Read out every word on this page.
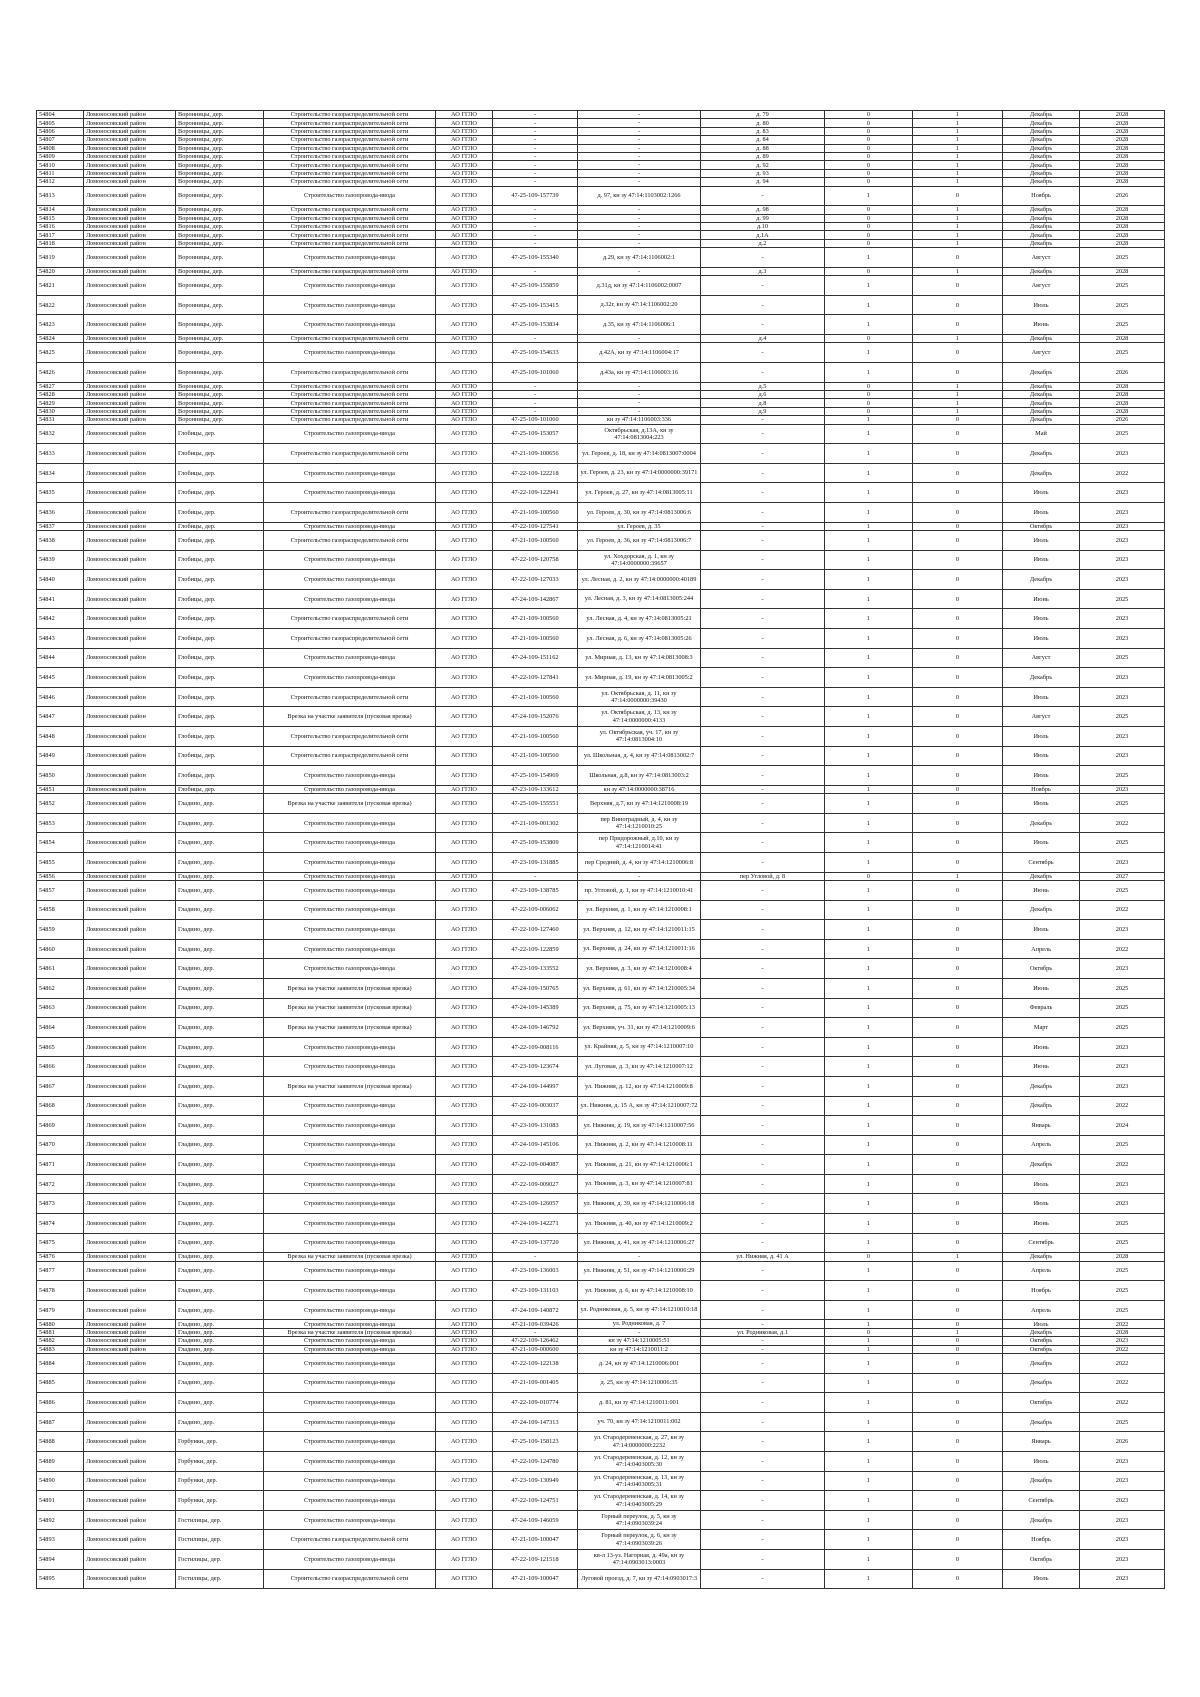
54804	Ломоносовский район	Воронницы, дер.	Строительство газораспределительной сети	АО ГГЛО	-	-	д. 79	0	1	Декабрь	2028
54805	Ломоносовский район	Воронницы, дер.	Строительство газораспределительной сети	АО ГГЛО	-	-	д. 80	0	1	Декабрь	2028
54806	Ломоносовский район	Воронницы, дер.	Строительство газораспределительной сети	АО ГГЛО	-	-	д. 83	0	1	Декабрь	2028
54807	Ломоносовский район	Воронницы, дер.	Строительство газораспределительной сети	АО ГГЛО	-	-	д. 84	0	1	Декабрь	2028
54808	Ломоносовский район	Воронницы, дер.	Строительство газораспределительной сети	АО ГГЛО	-	-	д. 88	0	1	Декабрь	2028
54809	Ломоносовский район	Воронницы, дер.	Строительство газораспределительной сети	АО ГГЛО	-	-	д. 89	0	1	Декабрь	2028
54810	Ломоносовский район	Воронницы, дер.	Строительство газораспределительной сети	АО ГГЛО	-	-	д. 92	0	1	Декабрь	2028
54811	Ломоносовский район	Воронницы, дер.	Строительство газораспределительной сети	АО ГГЛО	-	-	д. 93	0	1	Декабрь	2028
54812	Ломоносовский район	Воронницы, дер.	Строительство газораспределительной сети	АО ГГЛО	-	-	д. 94	0	1	Декабрь	2028
54813	Ломоносовский район	Воронницы, дер.	Строительство газопровода-ввода	АО ГГЛО	47-25-109-157739	д. 97, кн зу 47:14:1103002:1266	-	1	0	Ноябрь	2026
54814	Ломоносовский район	Воронницы, дер.	Строительство газораспределительной сети	АО ГГЛО	-	-	д. 98	0	1	Декабрь	2028
54815	Ломоносовский район	Воронницы, дер.	Строительство газораспределительной сети	АО ГГЛО	-	-	д. 99	0	1	Декабрь	2028
54816	Ломоносовский район	Воронницы, дер.	Строительство газораспределительной сети	АО ГГЛО	-	-	д.10	0	1	Декабрь	2028
54817	Ломоносовский район	Воронницы, дер.	Строительство газораспределительной сети	АО ГГЛО	-	-	д.1А	0	1	Декабрь	2028
54818	Ломоносовский район	Воронницы, дер.	Строительство газораспределительной сети	АО ГГЛО	-	-	д.2	0	1	Декабрь	2028
54819	Ломоносовский район	Воронницы, дер.	Строительство газопровода-ввода	АО ГГЛО	47-25-109-155340	д.29, кн зу 47:14:1106002:1	-	1	0	Август	2025
54820	Ломоносовский район	Воронницы, дер.	Строительство газораспределительной сети	АО ГГЛО	-	-	д.3	0	1	Декабрь	2028
54821	Ломоносовский район	Воронницы, дер.	Строительство газопровода-ввода	АО ГГЛО	47-25-109-155859	д.31д, кн зу 47:14:1106002:0007	-	1	0	Август	2025
54822	Ломоносовский район	Воронницы, дер.	Строительство газопровода-ввода	АО ГГЛО	47-25-109-153415	д.32г, кн зу 47:14:1106002:20	-	1	0	Июль	2025
54823	Ломоносовский район	Воронницы, дер.	Строительство газопровода-ввода	АО ГГЛО	47-25-109-153834	д.35, кн зу 47:14:1106006:1	-	1	0	Июнь	2025
54824	Ломоносовский район	Воронницы, дер.	Строительство газораспределительной сети	АО ГГЛО	-	-	д.4	0	1	Декабрь	2028
54825	Ломоносовский район	Воронницы, дер.	Строительство газопровода-ввода	АО ГГЛО	47-25-109-154633	д.42А, кн зу 47:14:1106004:17	-	1	0	Август	2025
54826	Ломоносовский район	Воронницы, дер.	Строительство газораспределительной сети	АО ГГЛО	47-25-109-101060	д.43а, кн зу 47:14:1106003:16	-	1	0	Декабрь	2026
54827	Ломоносовский район	Воронницы, дер.	Строительство газораспределительной сети	АО ГГЛО	-	-	д.5	0	1	Декабрь	2028
54828	Ломоносовский район	Воронницы, дер.	Строительство газораспределительной сети	АО ГГЛО	-	-	д.6	0	1	Декабрь	2028
54829	Ломоносовский район	Воронницы, дер.	Строительство газораспределительной сети	АО ГГЛО	-	-	д.8	0	1	Декабрь	2028
54830	Ломоносовский район	Воронницы, дер.	Строительство газораспределительной сети	АО ГГЛО	-	-	д.9	0	1	Декабрь	2028
54831	Ломоносовский район	Воронницы, дер.	Строительство газораспределительной сети	АО ГГЛО	47-25-109-101060	кн зу 47:14:1106003:336	-	1	0	Декабрь	2026
54832	Ломоносовский район	Глобицы, дер.	Строительство газопровода-ввода	АО ГГЛО	47-25-109-153057	Октябрьская, д.13А, кн зу 47:14:0813004:223	-	1	0	Май	2025
54833	Ломоносовский район	Глобицы, дер.	Строительство газораспределительной сети	АО ГГЛО	47-21-109-100656	ул. Героев, д. 18, кн зу 47:14:0813007:0004	-	1	0	Декабрь	2023
54834	Ломоносовский район	Глобицы, дер.	Строительство газопровода-ввода	АО ГГЛО	47-22-109-122218	ул. Героев, д. 23, кн зу 47:14:0000000:39171	-	1	0	Декабрь	2022
54835	Ломоносовский район	Глобицы, дер.	Строительство газопровода-ввода	АО ГГЛО	47-22-109-122941	ул. Героев, д. 27, кн зу 47:14:0813005:11	-	1	0	Июль	2023
54836	Ломоносовский район	Глобицы, дер.	Строительство газораспределительной сети	АО ГГЛО	47-21-109-100560	ул. Героев, д. 30, кн зу 47:14:0813006:6	-	1	0	Июль	2023
54837	Ломоносовский район	Глобицы, дер.	Строительство газопровода-ввода	АО ГГЛО	47-22-109-127541	ул. Героев, д. 35	-	1	0	Октябрь	2023
54838	Ломоносовский район	Глобицы, дер.	Строительство газораспределительной сети	АО ГГЛО	47-21-109-100560	ул. Героев, д. 36, кн зу 47:14:0813006:7	-	1	0	Июль	2023
54839	Ломоносовский район	Глобицы, дер.	Строительство газопровода-ввода	АО ГГЛО	47-22-109-120758	ул. Хохдорская, д. 1, кн зу 47:14:0000000:39657	-	1	0	Июль	2023
54840	Ломоносовский район	Глобицы, дер.	Строительство газопровода-ввода	АО ГГЛО	47-22-109-127033	ул. Лесная, д. 2, кн зу 47:14:0000000:40189	-	1	0	Декабрь	2023
54841	Ломоносовский район	Глобицы, дер.	Строительство газопровода-ввода	АО ГГЛО	47-24-109-142867	ул. Лесная, д. 3, кн зу 47:14:0813005:244	-	1	0	Июнь	2025
54842	Ломоносовский район	Глобицы, дер.	Строительство газораспределительной сети	АО ГГЛО	47-21-109-100560	ул. Лесная, д. 4, кн зу 47:14:0813005:21	-	1	0	Июль	2023
54843	Ломоносовский район	Глобицы, дер.	Строительство газораспределительной сети	АО ГГЛО	47-21-109-100560	ул. Лесная, д. 6, кн зу 47:14:0813005:26	-	1	0	Июль	2023
54844	Ломоносовский район	Глобицы, дер.	Строительство газопровода-ввода	АО ГГЛО	47-24-109-151162	ул. Мирная, д. 13, кн зу 47:14:0813008:3	-	1	0	Август	2025
54845	Ломоносовский район	Глобицы, дер.	Строительство газопровода-ввода	АО ГГЛО	47-22-109-127841	ул. Мирная, д. 19, кн зу 47:14:0813005:2	-	1	0	Декабрь	2023
54846	Ломоносовский район	Глобицы, дер.	Строительство газораспределительной сети	АО ГГЛО	47-21-109-100560	ул. Октябрьская, д. 11, кн зу 47:14:0000000:39430	-	1	0	Июль	2023
54847	Ломоносовский район	Глобицы, дер.	Врезка на участке заявителя (пусковая врезка)	АО ГГЛО	47-24-109-152076	ул. Октябрьская, д. 13, кн зу 47:14:0000000:4133	-	1	0	Август	2025
54848	Ломоносовский район	Глобицы, дер.	Строительство газораспределительной сети	АО ГГЛО	47-21-109-100560	ул. Октябрьская, уч. 17, кн зу 47:14:0813004:10	-	1	0	Июль	2023
54849	Ломоносовский район	Глобицы, дер.	Строительство газораспределительной сети	АО ГГЛО	47-21-109-100560	ул. Школьная, д. 4, кн зу 47:14:0813002:7	-	1	0	Июль	2023
54850	Ломоносовский район	Глобицы, дер.	Строительство газопровода-ввода	АО ГГЛО	47-25-109-154969	Школьная, д.8, кн зу 47:14:0813003:2	-	1	0	Июль	2025
54851	Ломоносовский район	Глобицы, дер.	Строительство газопровода-ввода	АО ГГЛО	47-23-109-133612	кн зу 47:14:0000000:38716	-	1	0	Ноябрь	2023
54852	Ломоносовский район	Гладино, дер.	Врезка на участке заявителя (пусковая врезка)	АО ГГЛО	47-25-109-155551	Верхняя, д.7, кн зу 47:14:1210008:19	-	1	0	Июль	2025
54853	Ломоносовский район	Гладино, дер.	Строительство газопровода-ввода	АО ГГЛО	47-21-109-001302	пер Виноградный, д. 4, кн зу 47:14:1210010:25	-	1	0	Декабрь	2022
54854	Ломоносовский район	Гладино, дер.	Строительство газопровода-ввода	АО ГГЛО	47-25-109-153809	пер Придорожный, д.10, кн зу 47:14:1210014:41	-	1	0	Июль	2025
54855	Ломоносовский район	Гладино, дер.	Строительство газопровода-ввода	АО ГГЛО	47-23-109-131885	пер Средний, д. 4, кн зу 47:14:1210006:8	-	1	0	Сентябрь	2023
54856	Ломоносовский район	Гладино, дер.	Строительство газопровода-ввода	АО ГГЛО	-	-	пер Угловой, д. 8	0	1	Декабрь	2027
54857	Ломоносовский район	Гладино, дер.	Строительство газопровода-ввода	АО ГГЛО	47-23-109-138785	пр. Угловой, д. 1, кн зу 47:14:1210010:41	-	1	0	Июнь	2025
54858	Ломоносовский район	Гладино, дер.	Строительство газопровода-ввода	АО ГГЛО	47-22-109-006062	ул. Верхняя, д. 1, кн зу 47:14:1210008:1	-	1	0	Декабрь	2022
54859	Ломоносовский район	Гладино, дер.	Строительство газопровода-ввода	АО ГГЛО	47-22-109-127460	ул. Верхняя, д. 12, кн зу 47:14:1210011:15	-	1	0	Июль	2023
54860	Ломоносовский район	Гладино, дер.	Строительство газопровода-ввода	АО ГГЛО	47-22-109-122859	ул. Верхняя, д. 24, кн зу 47:14:1210011:16	-	1	0	Апрель	2022
54861	Ломоносовский район	Гладино, дер.	Строительство газопровода-ввода	АО ГГЛО	47-23-109-133552	ул. Верхняя, д. 3, кн зу 47:14:1210008:4	-	1	0	Октябрь	2023
54862	Ломоносовский район	Гладино, дер.	Врезка на участке заявителя (пусковая врезка)	АО ГГЛО	47-24-109-150765	ул. Верхняя, д. 61, кн зу 47:14:1210005:34	-	1	0	Июнь	2025
54863	Ломоносовский район	Гладино, дер.	Врезка на участке заявителя (пусковая врезка)	АО ГГЛО	47-24-109-145389	ул. Верхняя, д. 75, кн зу 47:14:1210005:13	-	1	0	Февраль	2025
54864	Ломоносовский район	Гладино, дер.	Врезка на участке заявителя (пусковая врезка)	АО ГГЛО	47-24-109-146792	ул. Верхняя, уч. 31, кн зу 47:14:1210009:6	-	1	0	Март	2025
54865	Ломоносовский район	Гладино, дер.	Строительство газопровода-ввода	АО ГГЛО	47-22-109-008116	ул. Крайняя, д. 5, кн зу 47:14:1210007:10	-	1	0	Июнь	2023
54866	Ломоносовский район	Гладино, дер.	Строительство газопровода-ввода	АО ГГЛО	47-23-109-123674	ул. Луговая, д. 3, кн зу 47:14:1210007:12	-	1	0	Июнь	2023
54867	Ломоносовский район	Гладино, дер.	Врезка на участке заявителя (пусковая врезка)	АО ГГЛО	47-24-109-144997	ул. Нижняя, д. 12, кн зу 47:14:1210009:8	-	1	0	Декабрь	2023
54868	Ломоносовский район	Гладино, дер.	Строительство газопровода-ввода	АО ГГЛО	47-22-109-003037	ул. Нижняя, д. 15 А, кн зу 47:14:1210007:72	-	1	0	Декабрь	2022
54869	Ломоносовский район	Гладино, дер.	Строительство газопровода-ввода	АО ГГЛО	47-23-109-131083	ул. Нижняя, д. 19, кн зу 47:14:1210007:56	-	1	0	Январь	2024
54870	Ломоносовский район	Гладино, дер.	Строительство газопровода-ввода	АО ГГЛО	47-24-109-145106	ул. Нижняя, д. 2, кн зу 47:14:1210008:11	-	1	0	Апрель	2025
54871	Ломоносовский район	Гладино, дер.	Строительство газопровода-ввода	АО ГГЛО	47-22-109-004087	ул. Нижняя, д. 21, кн зу 47:14:1210006:1	-	1	0	Декабрь	2022
54872	Ломоносовский район	Гладино, дер.	Строительство газопровода-ввода	АО ГГЛО	47-22-109-009027	ул. Нижняя, д. 3, кн зу 47:14:1210007:81	-	1	0	Июль	2023
54873	Ломоносовский район	Гладино, дер.	Строительство газопровода-ввода	АО ГГЛО	47-23-109-126057	ул. Нижняя, д. 39, кн зу 47:14:1210006:18	-	1	0	Июль	2023
54874	Ломоносовский район	Гладино, дер.	Строительство газопровода-ввода	АО ГГЛО	47-24-109-142271	ул. Нижняя, д. 40, кн зу 47:14:1210009:2	-	1	0	Июнь	2025
54875	Ломоносовский район	Гладино, дер.	Строительство газопровода-ввода	АО ГГЛО	47-23-109-137720	ул. Нижняя, д. 41, кн зу 47:14:1210006:27	-	1	0	Сентябрь	2025
54876	Ломоносовский район	Гладино, дер.	Врезка на участке заявителя (пусковая врезка)	АО ГГЛО	-	-	ул. Нижняя, д. 41 А	0	1	Декабрь	2028
54877	Ломоносовский район	Гладино, дер.	Строительство газопровода-ввода	АО ГГЛО	47-23-109-136003	ул. Нижняя, д. 51, кн зу 47:14:1210006:29	-	1	0	Апрель	2025
54878	Ломоносовский район	Гладино, дер.	Строительство газопровода-ввода	АО ГГЛО	47-23-109-131103	ул. Нижняя, д. 6, кн зу 47:14:1210008:10	-	1	0	Ноябрь	2025
54879	Ломоносовский район	Гладино, дер.	Строительство газопровода-ввода	АО ГГЛО	47-24-109-140872	ул. Родниковая, д. 5, кн зу 47:14:1210010:18	-	1	0	Апрель	2025
54880	Ломоносовский район	Гладино, дер.	Строительство газопровода-ввода	АО ГГЛО	47-21-109-039426	ул. Родниковая, д. 7	-	1	0	Июль	2022
54881	Ломоносовский район	Гладино, дер.	Врезка на участке заявителя (пусковая врезка)	АО ГГЛО	-	-	ул. Родниковая, д.1	0	1	Декабрь	2028
54882	Ломоносовский район	Гладино, дер.	Строительство газопровода-ввода	АО ГГЛО	47-22-109-126462	кн зу 47:14:1210005:51	-	1	0	Октябрь	2023
54883	Ломоносовский район	Гладино, дер.	Строительство газопровода-ввода	АО ГГЛО	47-21-109-000600	кн зу 47:14:1210011:2	-	1	0	Октябрь	2022
54884	Ломоносовский район	Гладино, дер.	Строительство газопровода-ввода	АО ГГЛО	47-22-109-122138	д. 24, кн зу 47:14:1210006:001	-	1	0	Декабрь	2022
54885	Ломоносовский район	Гладино, дер.	Строительство газопровода-ввода	АО ГГЛО	47-21-109-001405	д. 25, кн зу 47:14:1210006:35	-	1	0	Декабрь	2022
54886	Ломоносовский район	Гладино, дер.	Строительство газопровода-ввода	АО ГГЛО	47-22-109-010774	д. 81, кн зу 47:14:1210011:001	-	1	0	Октябрь	2022
54887	Ломоносовский район	Гладино, дер.	Строительство газопровода-ввода	АО ГГЛО	47-24-109-147313	уч. 70, кн зу 47:14:1210011:002	-	1	0	Декабрь	2025
54888	Ломоносовский район	Горбунки, дер.	Строительство газопровода-ввода	АО ГГЛО	47-25-109-158123	ул. Стародеревенская, д. 27, кн зу 47:14:0000000:2232	-	1	0	Январь	2026
54889	Ломоносовский район	Горбунки, дер.	Строительство газопровода-ввода	АО ГГЛО	47-22-109-124780	ул. Стародеревенская, д. 12, кн зу 47:14:0403005:30	-	1	0	Июль	2023
54890	Ломоносовский район	Горбунки, дер.	Строительство газопровода-ввода	АО ГГЛО	47-23-109-130949	ул. Стародеревенская, д. 13, кн зу 47:14:0403005:31	-	1	0	Декабрь	2023
54891	Ломоносовский район	Горбунки, дер.	Строительство газопровода-ввода	АО ГГЛО	47-22-109-124751	ул. Стародеревенская, д. 14, кн зу 47:14:0403005:29	-	1	0	Сентябрь	2023
54892	Ломоносовский район	Гостилицы, дер.	Строительство газопровода-ввода	АО ГГЛО	47-24-109-146059	Горный переулок, д. 5, кн зу 47:14:0903039:24	-	1	0	Декабрь	2023
54893	Ломоносовский район	Гостилицы, дер.	Строительство газораспределительной сети	АО ГГЛО	47-21-109-100047	Горный переулок, д. 6, кн зу 47:14:0903039:26	-	1	0	Ноябрь	2023
54894	Ломоносовский район	Гостилицы, дер.	Строительство газопровода-ввода	АО ГГЛО	47-22-109-121518	кв-л 13-уз. Нагорная, д. 49а, кн зу 47:14:0903013:0003	-	1	0	Октябрь	2023
54895	Ломоносовский район	Гостилицы, дер.	Строительство газораспределительной сети	АО ГГЛО	47-21-109-100047	Луговой проезд, д. 7, кн зу 47:14:0903017:3	-	1	0	Июль	2023
